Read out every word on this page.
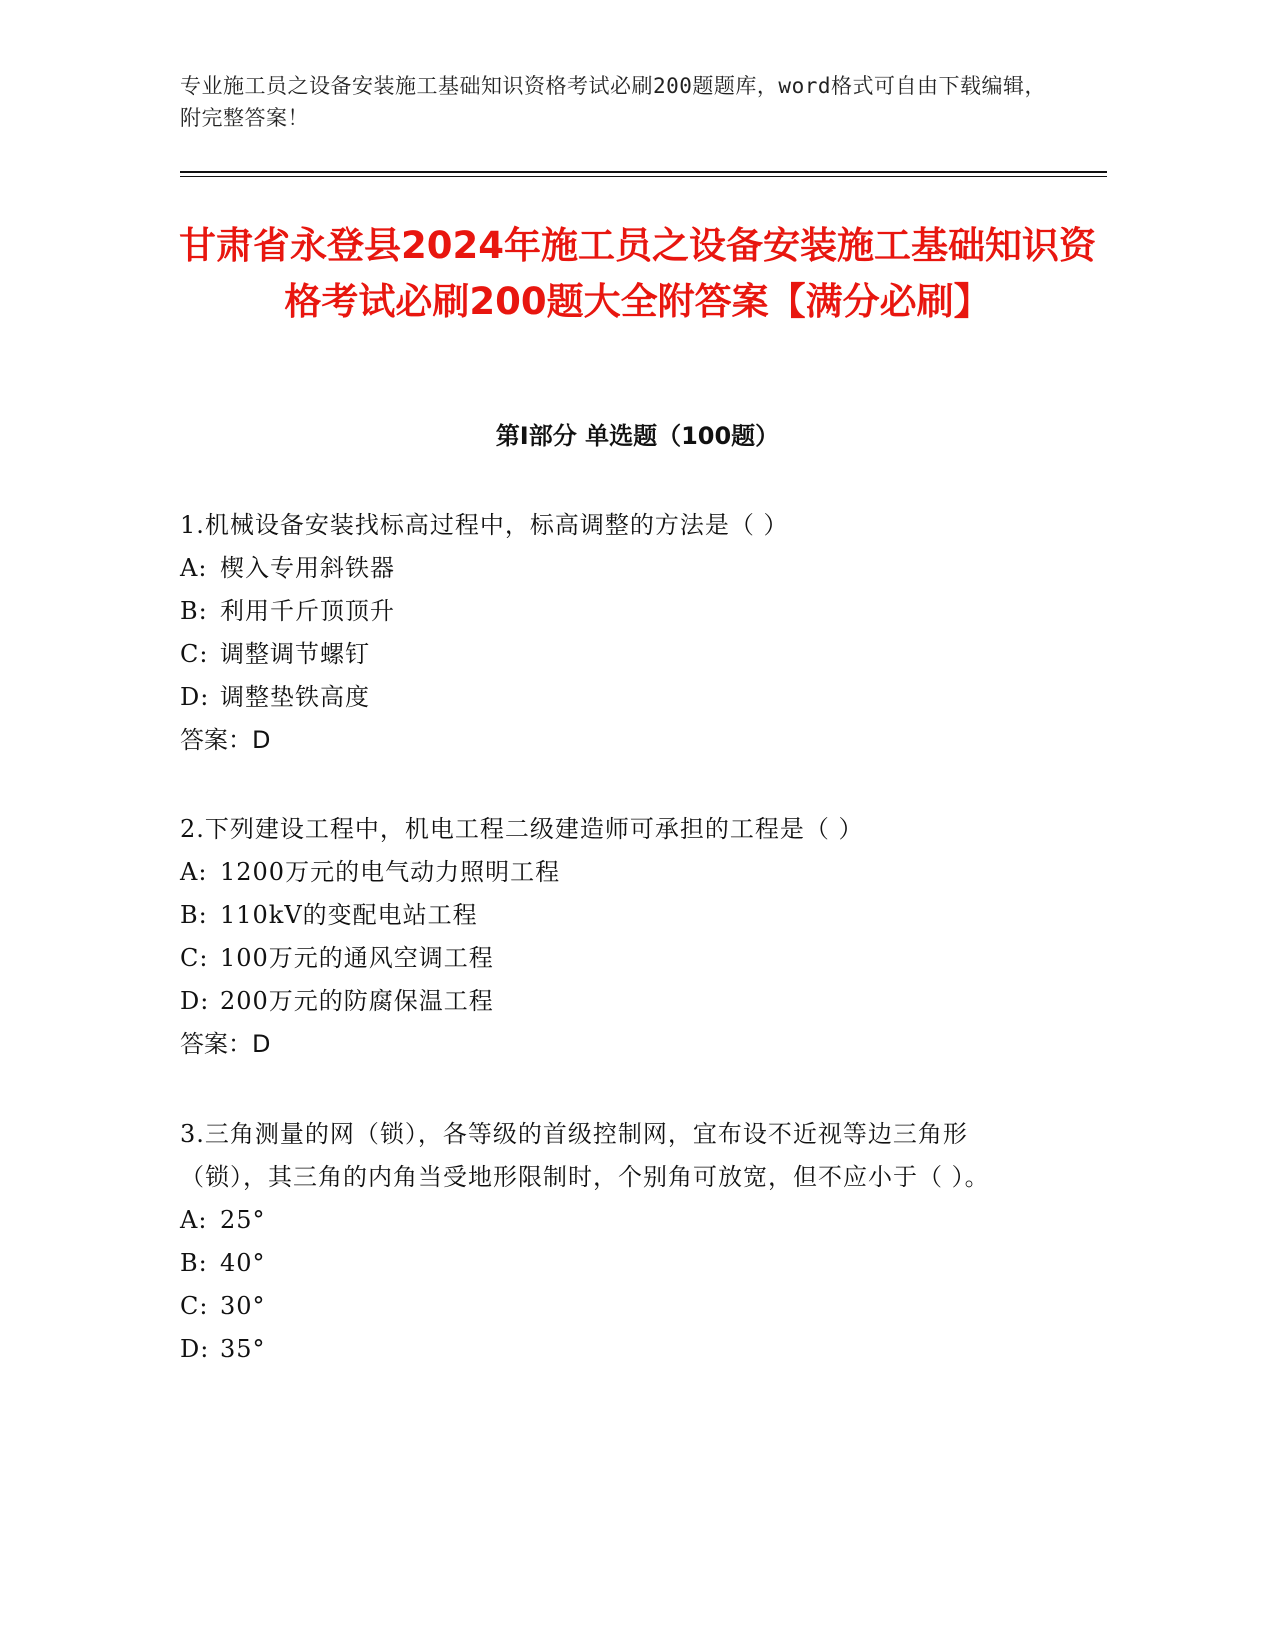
专业施工员之设备安装施工基础知识资格考试必刷200题题库，word格式可自由下载编辑，附完整答案！
甘肃省永登县2024年施工员之设备安装施工基础知识资格考试必刷200题大全附答案【满分必刷】
第Ⅰ部分 单选题（100题）
1.机械设备安装找标高过程中，标高调整的方法是（ ）
A: 楔入专用斜铁器
B: 利用千斤顶顶升
C: 调整调节螺钉
D: 调整垫铁高度
答案：D
2.下列建设工程中，机电工程二级建造师可承担的工程是（ ）
A: 1200万元的电气动力照明工程
B: 110kV的变配电站工程
C: 100万元的通风空调工程
D: 200万元的防腐保温工程
答案：D
3.三角测量的网（锁），各等级的首级控制网，宜布设不近视等边三角形（锁），其三角的内角当受地形限制时，个别角可放宽，但不应小于（ ）。
A: 25°
B: 40°
C: 30°
D: 35°
